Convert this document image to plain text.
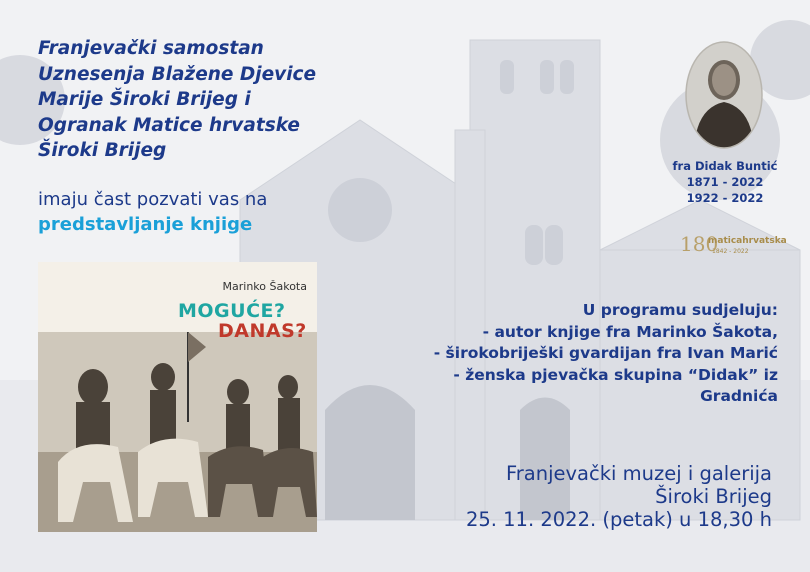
Franjevački samostan
Uznesenja Blažene Djevice
Marije Široki Brijeg i
Ogranak Matice hrvatske
Široki Brijeg
imaju čast pozvati vas na
predstavljanje knjige
Marinko Šakota
MOGUĆE?
DANAS?
fra Didak Buntić
1871 - 2022
1922 - 2022
180
maticahrvatska
1842 - 2022
U programu sudjeluju:
- autor knjige fra Marinko Šakota,
- širokobriješki gvardijan fra Ivan Marić
- ženska pjevačka skupina “Didak” iz
Gradnića
Franjevački muzej i galerija
Široki Brijeg
25. 11. 2022. (petak) u 18,30 h
